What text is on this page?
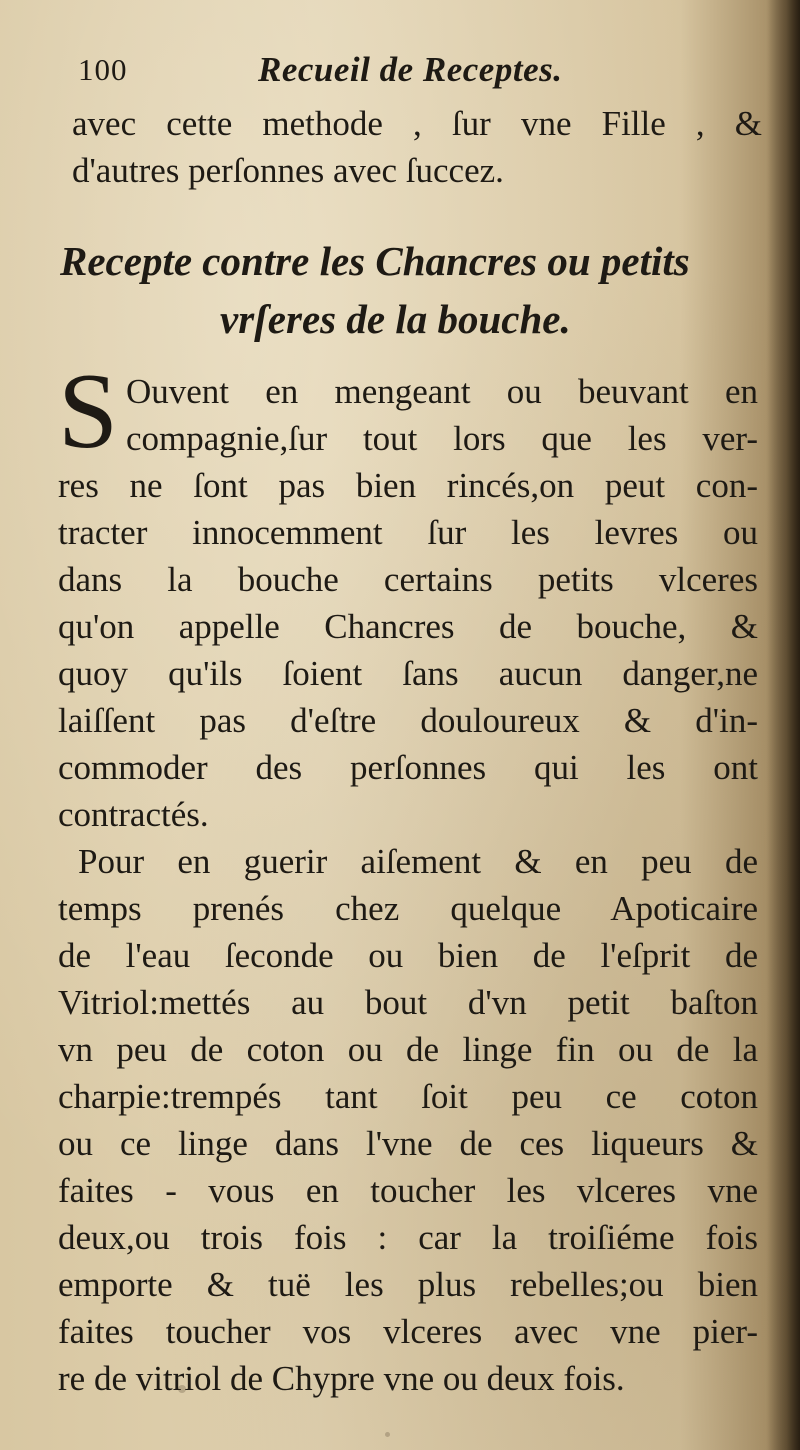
100	Recueil de Receptes.
avec cette methode , ſur vne Fille , &
d'autres perſonnes avec ſuccez.
Recepte contre les Chancres ou petits
vrſeres de la bouche.
S Ouvent en mengeant ou beuvant en
compagnie,ſur tout lors que les ver-
res ne ſont pas bien rincés,on peut con-
tracter innocemment ſur les levres ou
dans la bouche certains petits vlceres
qu'on appelle Chancres de bouche, &
quoy qu'ils ſoient ſans aucun danger,ne
laiſſent pas d'eſtre douloureux & d'in-
commoder des perſonnes qui les ont
contractés.
Pour en guerir aiſement & en peu de
temps prenés chez quelque Apoticaire
de l'eau ſeconde ou bien de l'eſprit de
Vitriol:mettés au bout d'vn petit baſton
vn peu de coton ou de linge fin ou de la
charpie:trempés tant ſoit peu ce coton
ou ce linge dans l'vne de ces liqueurs &
faites - vous en toucher les vlceres vne
deux,ou trois fois : car la troiſiéme fois
emporte & tuë les plus rebelles;ou bien
faites toucher vos vlceres avec vne pier-
re de vitriol de Chypre vne ou deux fois.
